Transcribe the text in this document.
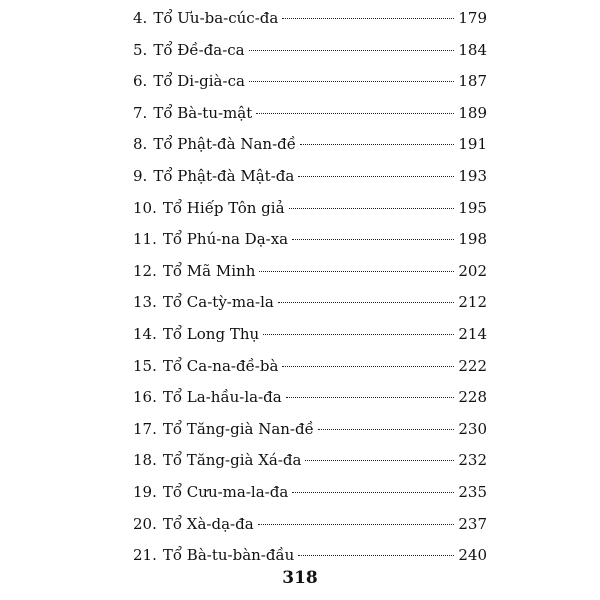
4. Tổ Ưu-ba-cúc-đa	179
5. Tổ Đề-đa-ca	184
6. Tổ Di-già-ca	187
7. Tổ Bà-tu-mật	189
8. Tổ Phật-đà Nan-đề	191
9. Tổ Phật-đà Mật-đa	193
10. Tổ Hiếp Tôn giả	195
11. Tổ Phú-na Dạ-xa	198
12. Tổ Mã Minh	202
13. Tổ Ca-tỳ-ma-la	212
14. Tổ Long Thụ	214
15. Tổ Ca-na-đề-bà	222
16. Tổ La-hầu-la-đa	228
17. Tổ Tăng-già Nan-đề	230
18. Tổ Tăng-già Xá-đa	232
19. Tổ Cưu-ma-la-đa	235
20. Tổ Xà-dạ-đa	237
21. Tổ Bà-tu-bàn-đầu	240
318
